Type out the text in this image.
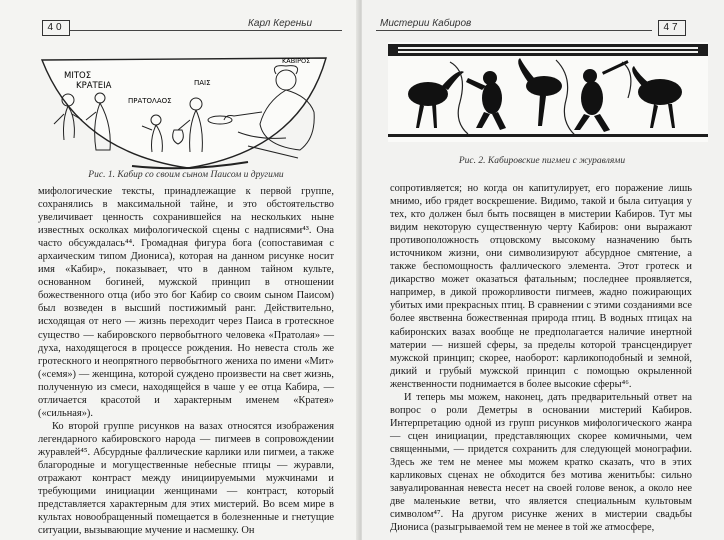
40	Карл Кереньи
ΜΙΤΟΣ
ΚΡΑΤΕΙΑ
ΠΡΑΤΟΛΑΟΣ
ΠΑΙΣ
ΚΑΒΙΡΟΣ
Рис. 1. Кабир со своим сыном Паисом и другими

мифологические тексты, принадлежащие к первой группе, сохранялись в максимальной тайне, и это обстоятельство увеличивает ценность сохранившейся на нескольких ныне известных осколках мифологической сцены с надписями⁴³. Она часто обсуждалась⁴⁴. Громадная фигура бога (сопоставимая с архаическим типом Диониса), которая на данном рисунке носит имя «Кабир», показывает, что в данном тайном культе, основанном богиней, мужской принцип в отношении божественного отца (ибо это бог Кабир со своим сыном Паисом) был возведен в высший постижимый ранг. Действительно, исходящая от него — жизнь переходит через Паиса в гротескное существо — кабировского первобытного человека «Пратолая» — духа, находящегося в процессе рождения. Но невеста столь же гротескного и неопрятного первобытного жениха по имени «Мит» («семя») — женщина, которой суждено произвести на свет жизнь, полученную из смеси, находящейся в чаше у ее отца Кабира, — отличается красотой и характерным именем «Кратея» («сильная»).

Ко второй группе рисунков на вазах относятся изображения легендарного кабировского народа — пигмеев в сопровождении журавлей⁴⁵. Абсурдные фаллические карлики или пигмеи, а также благородные и могущественные небесные птицы — журавли, отражают контраст между инициируемыми мужчинами и требующими инициации женщинами — контраст, который представляется характерным для этих мистерий. Во всем мире в культах новообращенный помещается в болезненные и гнетущие ситуации, вызывающие мучение и насмешку. Он

Мистерии Кабиров	47
Рис. 2. Кабировские пигмеи с журавлями

сопротивляется; но когда он капитулирует, его поражение лишь мнимо, ибо грядет воскрешение. Видимо, такой и была ситуация у тех, кто должен был быть посвящен в мистерии Кабиров. Тут мы видим некоторую существенную черту Кабиров: они выражают противоположность отцовскому высокому назначению быть источником жизни, они символизируют абсурдное смятение, а также беспомощность фаллического элемента. Этот гротеск и дикарство может оказаться фатальным; последнее проявляется, например, в дикой прожорливости пигмеев, жадно пожирающих убитых ими прекрасных птиц. В сравнении с этими созданиями все более явственна божественная природа птиц. В водных птицах на кабиронских вазах вообще не предполагается наличие инертной материи — низшей сферы, за пределы которой трансцендирует мужской принцип; скорее, наоборот: карликоподобный и земной, дикий и грубый мужской принцип с помощью окрыленной женственности поднимается в более высокие сферы⁴⁶.

И теперь мы можем, наконец, дать предварительный ответ на вопрос о роли Деметры в основании мистерий Кабиров. Интерпретацию одной из групп рисунков мифологического жанра — сцен инициации, представляющих скорее комичными, чем священными, — придется сохранить для следующей монографии. Здесь же тем не менее мы можем кратко сказать, что в этих карликовых сценах не обходится без мотива женитьбы: сильно завуалированная невеста несет на своей голове венок, а около нее две маленькие ветви, что является специальным культовым символом⁴⁷. На другом рисунке жених в мистерии свадьбы Диониса (разыгрываемой тем не менее в той же атмосфере,
